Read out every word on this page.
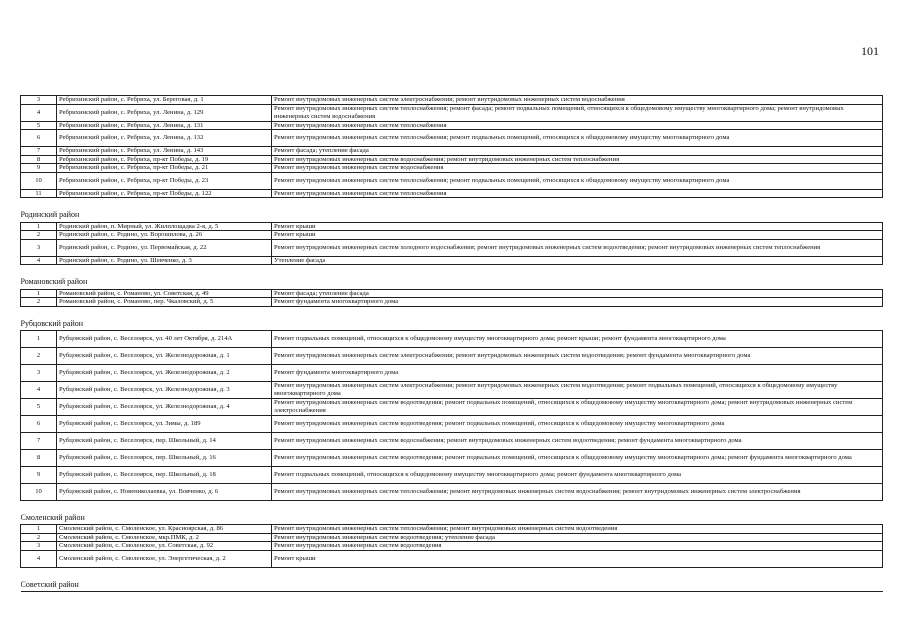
101
3	Ребрихинский район, с. Ребриха, ул. Береговая, д. 1	Ремонт внутридомовых инженерных систем электроснабжения; ремонт внутридомовых инженерных систем водоснабжения
4	Ребрихинский район, с. Ребриха, ул. Ленина, д. 129	Ремонт внутридомовых инженерных систем теплоснабжения; ремонт фасада; ремонт подвальных помещений, относящихся к общедомовому имуществу многоквартирного дома; ремонт внутридомовых инженерных систем водоснабжения
5	Ребрихинский район, с. Ребриха, ул. Ленина, д. 131	Ремонт внутридомовых инженерных систем теплоснабжения
6	Ребрихинский район, с. Ребриха, ул. Ленина, д. 132	Ремонт внутридомовых инженерных систем теплоснабжения; ремонт подвальных помещений, относящихся к общедомовому имуществу многоквартирного дома
7	Ребрихинский район, с. Ребриха, ул. Ленина, д. 143	Ремонт фасада; утепление фасада
8	Ребрихинский район, с. Ребриха, пр-кт Победы, д. 19	Ремонт внутридомовых инженерных систем водоснабжения; ремонт внутридомовых инженерных систем теплоснабжения
9	Ребрихинский район, с. Ребриха, пр-кт Победы, д. 21	Ремонт внутридомовых инженерных систем водоснабжения
10	Ребрихинский район, с. Ребриха, пр-кт Победы, д. 23	Ремонт внутридомовых инженерных систем теплоснабжения; ремонт подвальных помещений, относящихся к общедомовому имуществу многоквартирного дома
11	Ребрихинский район, с. Ребриха, пр-кт Победы, д. 122	Ремонт внутридомовых инженерных систем теплоснабжения
Родинский район		
1	Родинский район, п. Мирный, ул. Жилплощадка 2-я, д. 5	Ремонт крыши
2	Родинский район, с. Родино, ул. Ворошилова, д. 26	Ремонт крыши
3	Родинский район, с. Родино, ул. Первомайская, д. 22	Ремонт внутридомовых инженерных систем холодного водоснабжения; ремонт внутридомовых инженерных систем водоотведения; ремонт внутридомовых инженерных систем теплоснабжения
4	Родинский район, с. Родино, ул. Шевченко, д. 3	Утепление фасада
Романовский район		
1	Романовский район, с. Романово, ул. Советская, д. 49	Ремонт фасада; утепление фасада
2	Романовский район, с. Романово, пер. Чкаловский, д. 5	Ремонт фундамента многоквартирного дома
Рубцовский район		
1	Рубцовский район, с. Веселоярск, ул. 40 лет Октября, д. 214А	Ремонт подвальных помещений, относящихся к общедомовому имуществу многоквартирного дома; ремонт крыши; ремонт фундамента многоквартирного дома
2	Рубцовский район, с. Веселоярск, ул. Железнодорожная, д. 1	Ремонт внутридомовых инженерных систем электроснабжения; ремонт внутридомовых инженерных систем водоотведения; ремонт фундамента многоквартирного дома
3	Рубцовский район, с. Веселоярск, ул. Железнодорожная, д. 2	Ремонт фундамента многоквартирного дома
4	Рубцовский район, с. Веселоярск, ул. Железнодорожная, д. 3	Ремонт внутридомовых инженерных систем электроснабжения; ремонт внутридомовых инженерных систем водоотведения; ремонт подвальных помещений, относящихся к общедомовому имуществу многоквартирного дома
5	Рубцовский район, с. Веселоярск, ул. Железнодорожная, д. 4	Ремонт внутридомовых инженерных систем водоотведения; ремонт подвальных помещений, относящихся к общедомовому имуществу многоквартирного дома; ремонт внутридомовых инженерных систем электроснабжения
6	Рубцовский район, с. Веселоярск, ул. Зимы, д. 189	Ремонт внутридомовых инженерных систем водоотведения; ремонт подвальных помещений, относящихся к общедомовому имуществу многоквартирного дома
7	Рубцовский район, с. Веселоярск, пер. Школьный, д. 14	Ремонт внутридомовых инженерных систем водоснабжения; ремонт внутридомовых инженерных систем водоотведения; ремонт фундамента многоквартирного дома
8	Рубцовский район, с. Веселоярск, пер. Школьный, д. 16	Ремонт внутридомовых инженерных систем водоотведения; ремонт подвальных помещений, относящихся к общедомовому имуществу многоквартирного дома; ремонт фундамента многоквартирного дома
9	Рубцовский район, с. Веселоярск, пер. Школьный, д. 18	Ремонт подвальных помещений, относящихся к общедомовому имуществу многоквартирного дома; ремонт фундамента многоквартирного дома
10	Рубцовский район, с. Новениколаевка, ул. Вовченко, д. 6	Ремонт внутридомовых инженерных систем теплоснабжения; ремонт внутридомовых инженерных систем водоснабжения; ремонт внутридомовых инженерных систем электроснабжения
Смоленский район		
1	Смоленский район, с. Смоленское, ул. Красноярская, д. 86	Ремонт внутридомовых инженерных систем теплоснабжения; ремонт внутридомовых инженерных систем водоотведения
2	Смоленский район, с. Смоленское, мкр.ПМК, д. 2	Ремонт внутридомовых инженерных систем водоотведения; утепление фасада
3	Смоленский район, с. Смоленское, ул. Советская, д. 92	Ремонт внутридомовых инженерных систем водоотведения
4	Смоленский район, с. Смоленское, ул. Энергетическая, д. 2	Ремонт крыши
Советский район		
